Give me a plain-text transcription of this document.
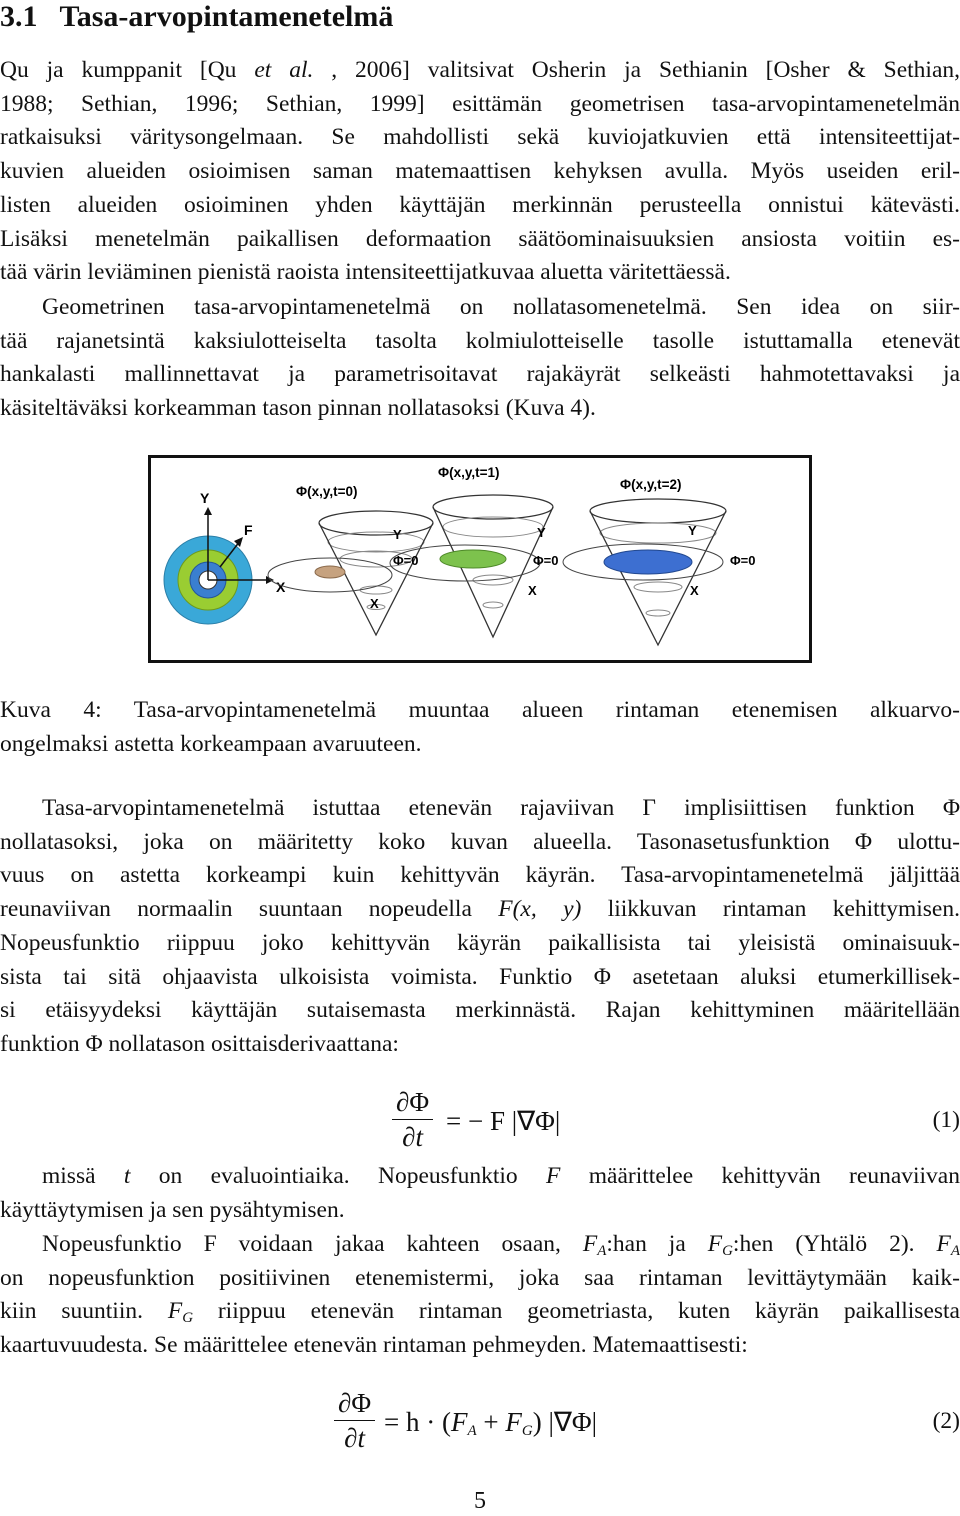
3.1 Tasa-arvopintamenetelmä
Qu ja kumppanit [Qu et al. , 2006] valitsivat Osherin ja Sethianin [Osher & Sethian,
1988; Sethian, 1996; Sethian, 1999] esittämän geometrisen tasa-arvopintamenetelmän
ratkaisuksi väritysongelmaan. Se mahdollisti sekä kuviojatkuvien että intensiteettijat-
kuvien alueiden osioimisen saman matemaattisen kehyksen avulla. Myös useiden eril-
listen alueiden osioiminen yhden käyttäjän merkinnän perusteella onnistui kätevästi.
Lisäksi menetelmän paikallisen deformaation säätöominaisuuksien ansiosta voitiin es-
tää värin leviäminen pienistä raoista intensiteettijatkuvaa aluetta väritettäessä.
Geometrinen tasa-arvopintamenetelmä on nollatasomenetelmä. Sen idea on siir-
tää rajanetsintä kaksiulotteiselta tasolta kolmiulotteiselle tasolle istuttamalla etenevät
hankalasti mallinnettavat ja parametrisoitavat rajakäyrät selkeästi hahmotettavaksi ja
käsiteltäväksi korkeamman tason pinnan nollatasoksi (Kuva 4).
Y
X
F
Φ(x,y,t=0)
Y
Φ=0
X
Φ(x,y,t=1)
Y
Φ=0
X
Φ(x,y,t=2)
Y
Φ=0
X
Kuva 4: Tasa-arvopintamenetelmä muuntaa alueen rintaman etenemisen alkuarvo-
ongelmaksi astetta korkeampaan avaruuteen.
Tasa-arvopintamenetelmä istuttaa etenevän rajaviivan Γ implisiittisen funktion Φ
nollatasoksi, joka on määritetty koko kuvan alueella. Tasonasetusfunktion Φ ulottu-
vuus on astetta korkeampi kuin kehittyvän käyrän. Tasa-arvopintamenetelmä jäljittää
reunaviivan normaalin suuntaan nopeudella F(x, y) liikkuvan rintaman kehittymisen.
Nopeusfunktio riippuu joko kehittyvän käyrän paikallisista tai yleisistä ominaisuuk-
sista tai sitä ohjaavista ulkoisista voimista. Funktio Φ asetetaan aluksi etumerkillisek-
si etäisyydeksi käyttäjän sutaisemasta merkinnästä. Rajan kehittyminen määritellään
funktion Φ nollatason osittaisderivaattana:
$\frac{\partial\Phi}{\partial t}$ = − F |∇Φ|	(1)
missä t on evaluointiaika. Nopeusfunktio F määrittelee kehittyvän reunaviivan
käyttäytymisen ja sen pysähtymisen.
Nopeusfunktio F voidaan jakaa kahteen osaan, $F_A:han$ ja $F_G:hen$ (Yhtälö 2). $F_A$
on nopeusfunktion positiivinen etenemistermi, joka saa rintaman levittäytymään kaik-
kiin suuntiin. $F_G$ riippuu etenevän rintaman geometriasta, kuten käyrän paikallisesta
kaartuvuudesta. Se määrittelee etenevän rintaman pehmeyden. Matemaattisesti:
$\frac{\partial\Phi}{\partial t} = h \cdot (F_A + F_G)$ |∇Φ|	(2)
5
